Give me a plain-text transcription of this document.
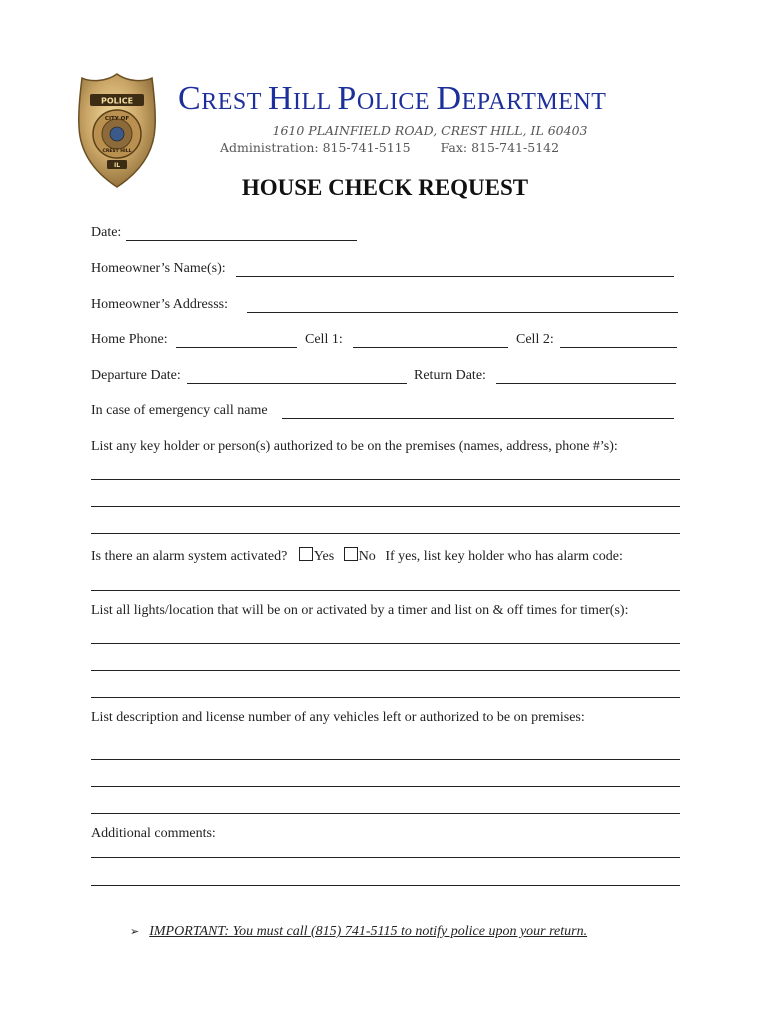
POLICE
CITY OF
CREST HILL
IL
CREST HILL POLICE DEPARTMENT
1610 PLAINFIELD ROAD, CREST HILL, IL 60403
Administration: 815-741-5115 Fax: 815-741-5142
HOUSE CHECK REQUEST
Date:
Homeowner’s Name(s):
Homeowner’s Addresss:
Home Phone:	Cell 1:	Cell 2:
Departure Date:	Return Date:
In case of emergency call name
List any key holder or person(s) authorized to be on the premises (names, address, phone #’s):
Is there an alarm system activated? Yes No If yes, list key holder who has alarm code:
List all lights/location that will be on or activated by a timer and list on & off times for timer(s):
List description and license number of any vehicles left or authorized to be on premises:
Additional comments:
➢ IMPORTANT: You must call (815) 741-5115 to notify police upon your return.
